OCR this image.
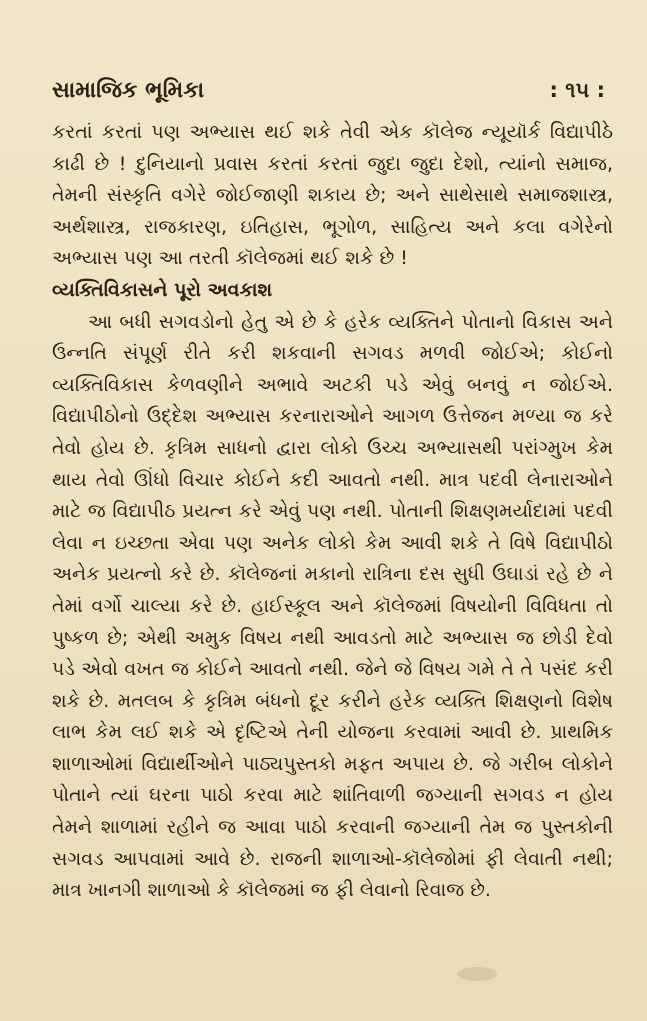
સામાજિક ભૂમિકા	: ૧૫ :

કરતાં કરતાં પણ અભ્યાસ થઈ શકે તેવી એક કૉલેજ ન્યૂયૉર્ક વિદ્યાપીઠે કાઢી છે ! દુનિયાનો પ્રવાસ કરતાં કરતાં જુદા જુદા દેશો, ત્યાંનો સમાજ, તેમની સંસ્કૃતિ વગેરે જોઈજાણી શકાય છે; અને સાથેસાથે સમાજશાસ્ત્ર, અર્થશાસ્ત્ર, રાજકારણ, ઇતિહાસ, ભૂગોળ, સાહિત્ય અને કલા વગેરેનો અભ્યાસ પણ આ તરતી કૉલેજમાં થઈ શકે છે !

વ્યક્તિવિકાસને પૂરો અવકાશ

આ બધી સગવડોનો હેતુ એ છે કે હરેક વ્યક્તિને પોતાનો વિકાસ અને ઉન્નતિ સંપૂર્ણ રીતે કરી શકવાની સગવડ મળવી જોઈએ; કોઈનો વ્યક્તિવિકાસ કેળવણીને અભાવે અટકી પડે એવું બનવું ન જોઈએ. વિદ્યાપીઠોનો ઉદ્દેશ અભ્યાસ કરનારાઓને આગળ ઉત્તેજન મળ્યા જ કરે તેવો હોય છે. કૃત્રિમ સાધનો દ્વારા લોકો ઉચ્ચ અભ્યાસથી પરાંગ્મુખ કેમ થાય તેવો ઊંધો વિચાર કોઈને કદી આવતો નથી. માત્ર પદવી લેનારાઓને માટે જ વિદ્યાપીઠ પ્રયત્ન કરે એવું પણ નથી. પોતાની શિક્ષણમર્યાદામાં પદવી લેવા ન ઇચ્છતા એવા પણ અનેક લોકો કેમ આવી શકે તે વિષે વિદ્યાપીઠો અનેક પ્રયત્નો કરે છે. કૉલેજનાં મકાનો રાત્રિના દસ સુધી ઉઘાડાં રહે છે ને તેમાં વર્ગો ચાલ્યા કરે છે. હાઈસ્કૂલ અને કૉલેજમાં વિષયોની વિવિધતા તો પુષ્કળ છે; એથી અમુક વિષય નથી આવડતો માટે અભ્યાસ જ છોડી દેવો પડે એવો વખત જ કોઈને આવતો નથી. જેને જે વિષય ગમે તે તે પસંદ કરી શકે છે. મતલબ કે કૃત્રિમ બંધનો દૂર કરીને હરેક વ્યક્તિ શિક્ષણનો વિશેષ લાભ કેમ લઈ શકે એ દૃષ્ટિએ તેની યોજના કરવામાં આવી છે. પ્રાથમિક શાળાઓમાં વિદ્યાર્થીઓને પાઠ્યપુસ્તકો મફત અપાય છે. જે ગરીબ લોકોને પોતાને ત્યાં ઘરના પાઠો કરવા માટે શાંતિવાળી જગ્યાની સગવડ ન હોય તેમને શાળામાં રહીને જ આવા પાઠો કરવાની જગ્યાની તેમ જ પુસ્તકોની સગવડ આપવામાં આવે છે. રાજની શાળાઓ-કૉલેજોમાં ફી લેવાતી નથી; માત્ર ખાનગી શાળાઓ કે કૉલેજમાં જ ફી લેવાનો રિવાજ છે.
